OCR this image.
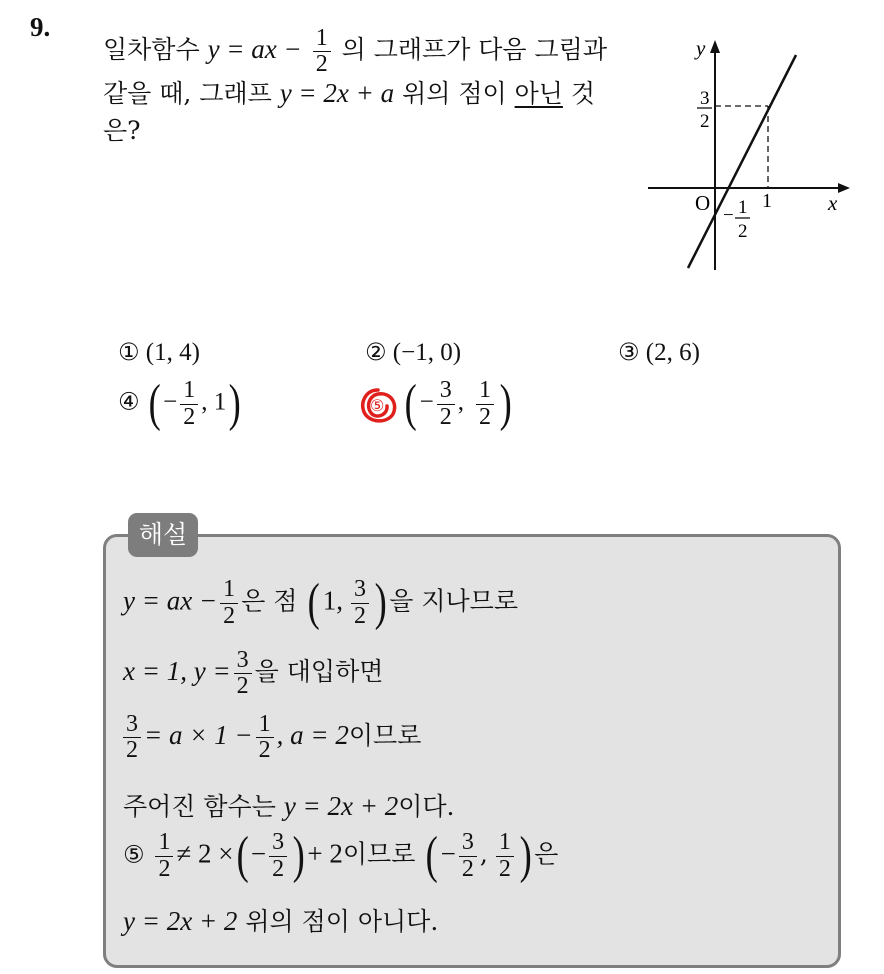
9.
일차함수 y = ax − $\frac{1}{2}$ 의 그래프가 다음 그림과
같을 때, 그래프 y = 2x + a 위의 점이 아닌 것
은?
y
x
O	1
3
2
− 1
2
① (1, 4)	② (−1, 0)	③ (2, 6)
④ ( − $\frac{1}{2}$ , 1)	⑤ ( − $\frac{3}{2}$ , $\frac{1}{2}$ )
해설
y = ax − $\frac{1}{2}$ 은 점 (1, $\frac{3}{2}$ ) 을 지나므로
x = 1, $y = \frac{3}{2}$ 을 대입하면
$\frac{3}{2} = a \times 1 - \frac{1}{2}$ , a = 2이므로
주어진 함수는 y = 2x + 2이다.
⑤ $\frac{1}{2} \ne 2$ ×(− $\frac{3}{2}$ )+ 2이므로 (− $\frac{3}{2}$ , $\frac{1}{2}$ ) 은
y = 2x + 2 위의 점이 아니다.
